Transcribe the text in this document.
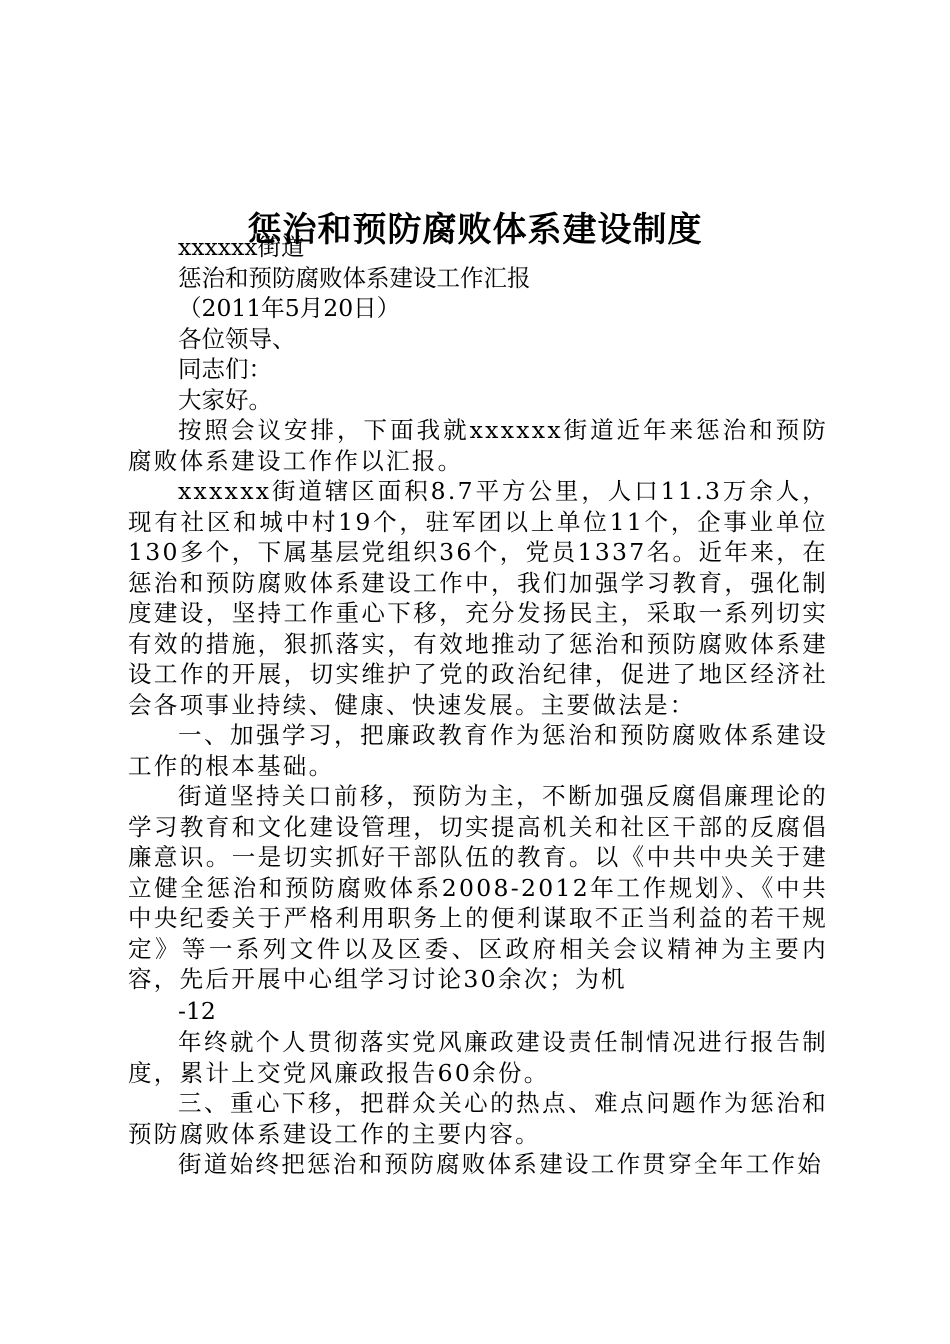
惩治和预防腐败体系建设制度

xxxxxx街道

惩治和预防腐败体系建设工作汇报

（2011年5月20日）

各位领导、

同志们：

大家好。

按照会议安排，下面我就xxxxxx街道近年来惩治和预防腐败体系建设工作作以汇报。

xxxxxx街道辖区面积8.7平方公里，人口11.3万余人，现有社区和城中村19个，驻军团以上单位11个，企事业单位130多个，下属基层党组织36个，党员1337名。近年来，在惩治和预防腐败体系建设工作中，我们加强学习教育，强化制度建设，坚持工作重心下移，充分发扬民主，采取一系列切实有效的措施，狠抓落实，有效地推动了惩治和预防腐败体系建设工作的开展，切实维护了党的政治纪律，促进了地区经济社会各项事业持续、健康、快速发展。主要做法是：

一、加强学习，把廉政教育作为惩治和预防腐败体系建设工作的根本基础。

街道坚持关口前移，预防为主，不断加强反腐倡廉理论的学习教育和文化建设管理，切实提高机关和社区干部的反腐倡廉意识。一是切实抓好干部队伍的教育。以《中共中央关于建立健全惩治和预防腐败体系2008-2012年工作规划》、《中共中央纪委关于严格利用职务上的便利谋取不正当利益的若干规定》等一系列文件以及区委、区政府相关会议精神为主要内容，先后开展中心组学习讨论30余次；为机

-12

年终就个人贯彻落实党风廉政建设责任制情况进行报告制度，累计上交党风廉政报告60余份。

三、重心下移，把群众关心的热点、难点问题作为惩治和预防腐败体系建设工作的主要内容。

街道始终把惩治和预防腐败体系建设工作贯穿全年工作始
